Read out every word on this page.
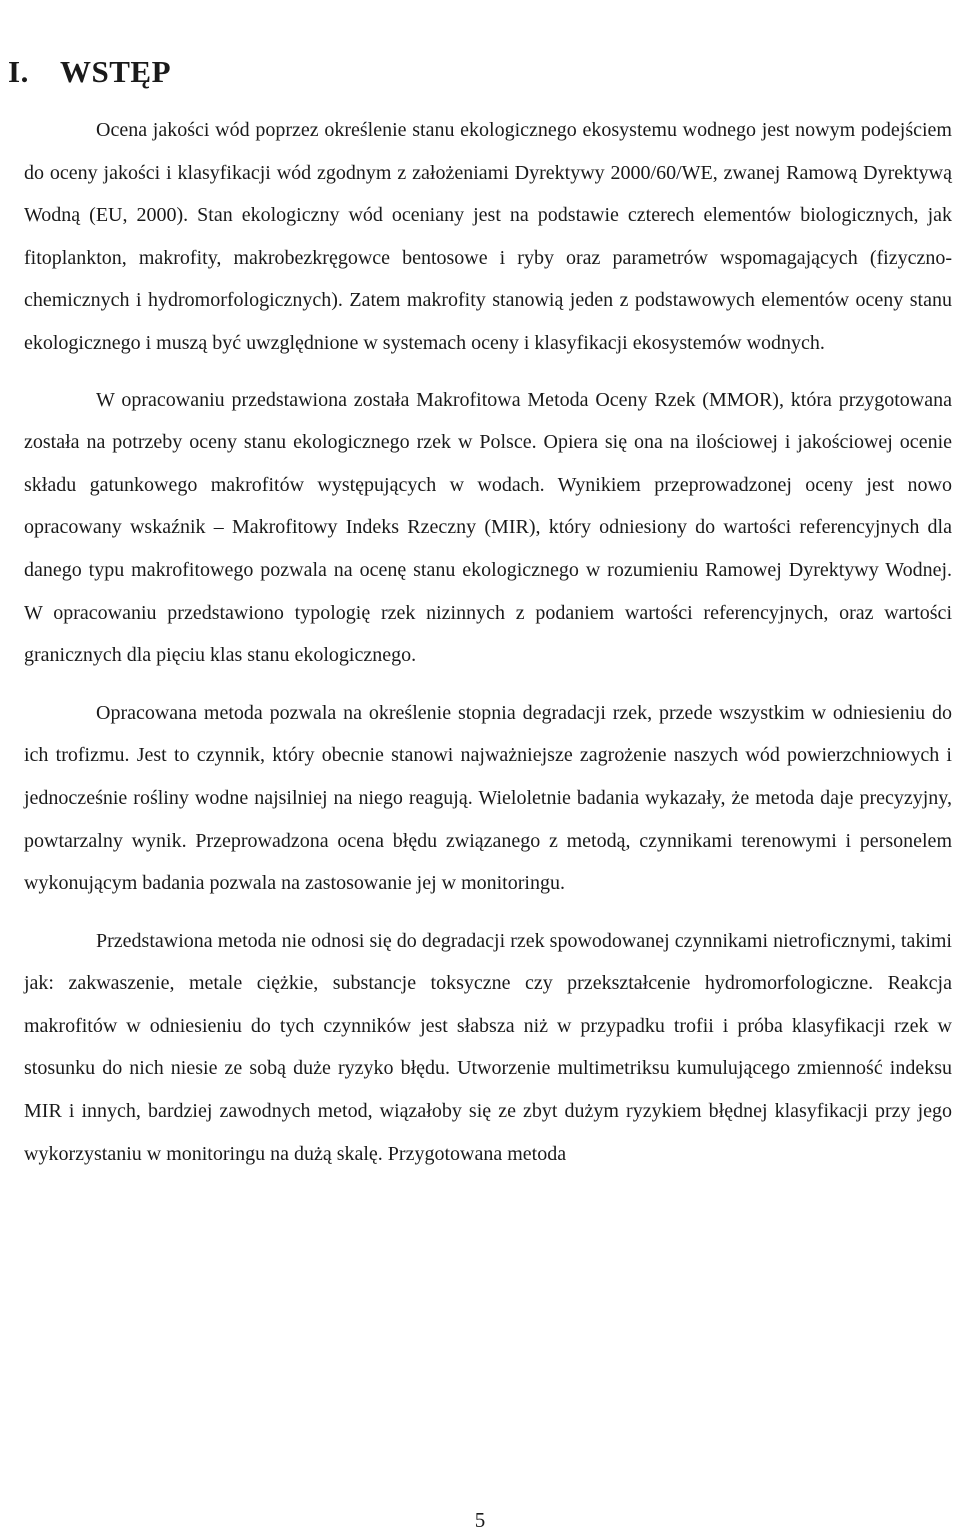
I. WSTĘP

Ocena jakości wód poprzez określenie stanu ekologicznego ekosystemu wodnego jest nowym podejściem do oceny jakości i klasyfikacji wód zgodnym z założeniami Dyrektywy 2000/60/WE, zwanej Ramową Dyrektywą Wodną (EU, 2000). Stan ekologiczny wód oceniany jest na podstawie czterech elementów biologicznych, jak fitoplankton, makrofity, makrobezkręgowce bentosowe i ryby oraz parametrów wspomagających (fizyczno-chemicznych i hydromorfologicznych). Zatem makrofity stanowią jeden z podstawowych elementów oceny stanu ekologicznego i muszą być uwzględnione w systemach oceny i klasyfikacji ekosystemów wodnych.

W opracowaniu przedstawiona została Makrofitowa Metoda Oceny Rzek (MMOR), która przygotowana została na potrzeby oceny stanu ekologicznego rzek w Polsce. Opiera się ona na ilościowej i jakościowej ocenie składu gatunkowego makrofitów występujących w wodach. Wynikiem przeprowadzonej oceny jest nowo opracowany wskaźnik – Makrofitowy Indeks Rzeczny (MIR), który odniesiony do wartości referencyjnych dla danego typu makrofitowego pozwala na ocenę stanu ekologicznego w rozumieniu Ramowej Dyrektywy Wodnej. W opracowaniu przedstawiono typologię rzek nizinnych z podaniem wartości referencyjnych, oraz wartości granicznych dla pięciu klas stanu ekologicznego.

Opracowana metoda pozwala na określenie stopnia degradacji rzek, przede wszystkim w odniesieniu do ich trofizmu. Jest to czynnik, który obecnie stanowi najważniejsze zagrożenie naszych wód powierzchniowych i jednocześnie rośliny wodne najsilniej na niego reagują. Wieloletnie badania wykazały, że metoda daje precyzyjny, powtarzalny wynik. Przeprowadzona ocena błędu związanego z metodą, czynnikami terenowymi i personelem wykonującym badania pozwala na zastosowanie jej w monitoringu.

Przedstawiona metoda nie odnosi się do degradacji rzek spowodowanej czynnikami nietroficznymi, takimi jak: zakwaszenie, metale ciężkie, substancje toksyczne czy przekształcenie hydromorfologiczne. Reakcja makrofitów w odniesieniu do tych czynników jest słabsza niż w przypadku trofii i próba klasyfikacji rzek w stosunku do nich niesie ze sobą duże ryzyko błędu. Utworzenie multimetriksu kumulującego zmienność indeksu MIR i innych, bardziej zawodnych metod, wiązałoby się ze zbyt dużym ryzykiem błędnej klasyfikacji przy jego wykorzystaniu w monitoringu na dużą skalę. Przygotowana metoda

5
